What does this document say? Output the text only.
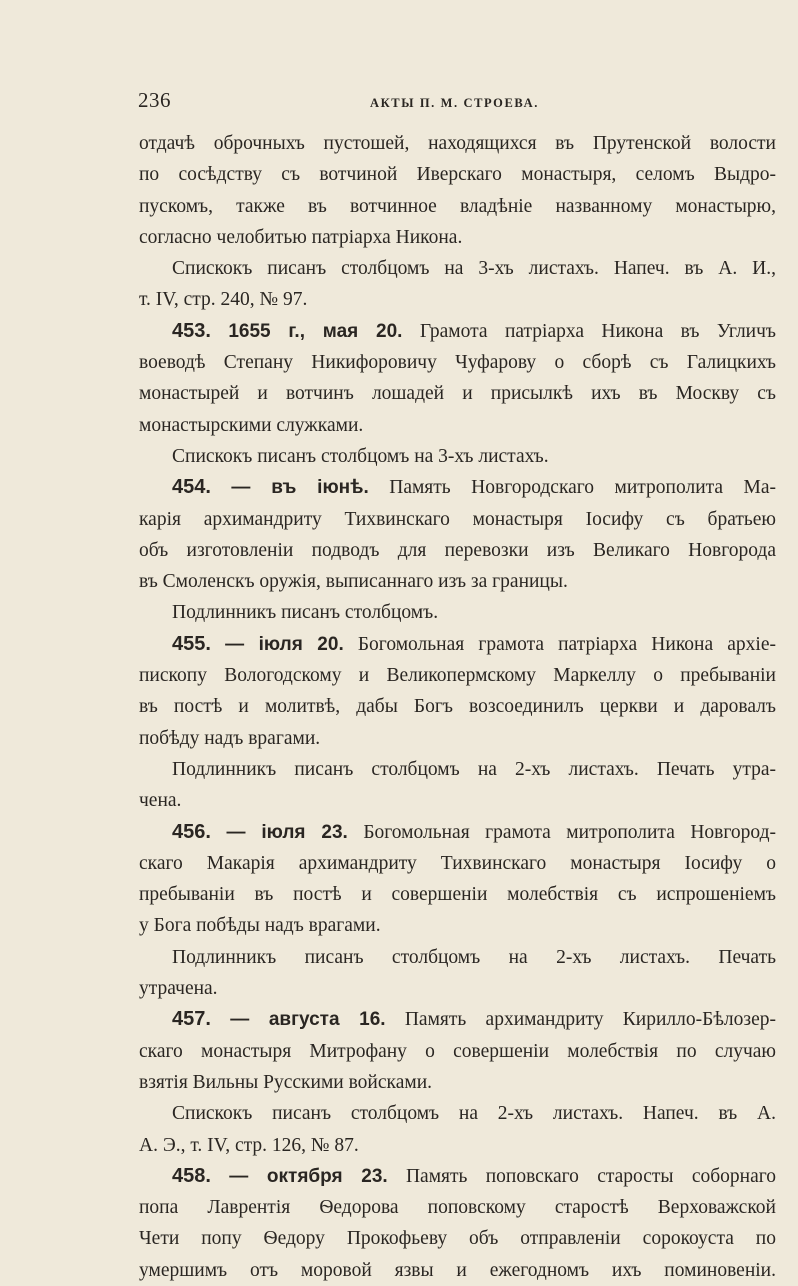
236	АКТЫ П. М. СТРОЕВА.
отдачѣ оброчныхъ пустошей, находящихся въ Прутенской волости
по сосѣдству съ вотчиной Иверскаго монастыря, селомъ Выдро-
пускомъ, также въ вотчинное владѣніе названному монастырю,
согласно челобитью патріарха Никона.
Спискокъ писанъ столбцомъ на 3-хъ листахъ. Напеч. въ А. И.,
т. IV, стр. 240, № 97.
453. 1655 г., мая 20. Грамота патріарха Никона въ Угличъ
воеводѣ Степану Никифоровичу Чуфарову о сборѣ съ Галицкихъ
монастырей и вотчинъ лошадей и присылкѣ ихъ въ Москву съ
монастырскими служками.
Спискокъ писанъ столбцомъ на 3-хъ листахъ.
454. — въ іюнѣ. Память Новгородскаго митрополита Ма-
карія архимандриту Тихвинскаго монастыря Іосифу съ братьею
объ изготовленіи подводъ для перевозки изъ Великаго Новгорода
въ Смоленскъ оружія, выписаннаго изъ за границы.
Подлинникъ писанъ столбцомъ.
455. — іюля 20. Богомольная грамота патріарха Никона архіе-
пископу Вологодскому и Великопермскому Маркеллу о пребываніи
въ постѣ и молитвѣ, дабы Богъ возсоединилъ церкви и даровалъ
побѣду надъ врагами.
Подлинникъ писанъ столбцомъ на 2-хъ листахъ. Печать утра-
чена.
456. — іюля 23. Богомольная грамота митрополита Новгород-
скаго Макарія архимандриту Тихвинскаго монастыря Іосифу о
пребываніи въ постѣ и совершеніи молебствія съ испрошеніемъ
у Бога побѣды надъ врагами.
Подлинникъ писанъ столбцомъ на 2-хъ листахъ. Печать
утрачена.
457. — августа 16. Память архимандриту Кирилло-Бѣлозер-
скаго монастыря Митрофану о совершеніи молебствія по случаю
взятія Вильны Русскими войсками.
Спискокъ писанъ столбцомъ на 2-хъ листахъ. Напеч. въ А.
А. Э., т. IV, стр. 126, № 87.
458. — октября 23. Память поповскаго старосты соборнаго
попа Лаврентія Ѳедорова поповскому старостѣ Верховажской
Чети попу Ѳедору Прокофьеву объ отправленіи сорокоуста по
умершимъ отъ моровой язвы и ежегодномъ ихъ поминовеніи.
